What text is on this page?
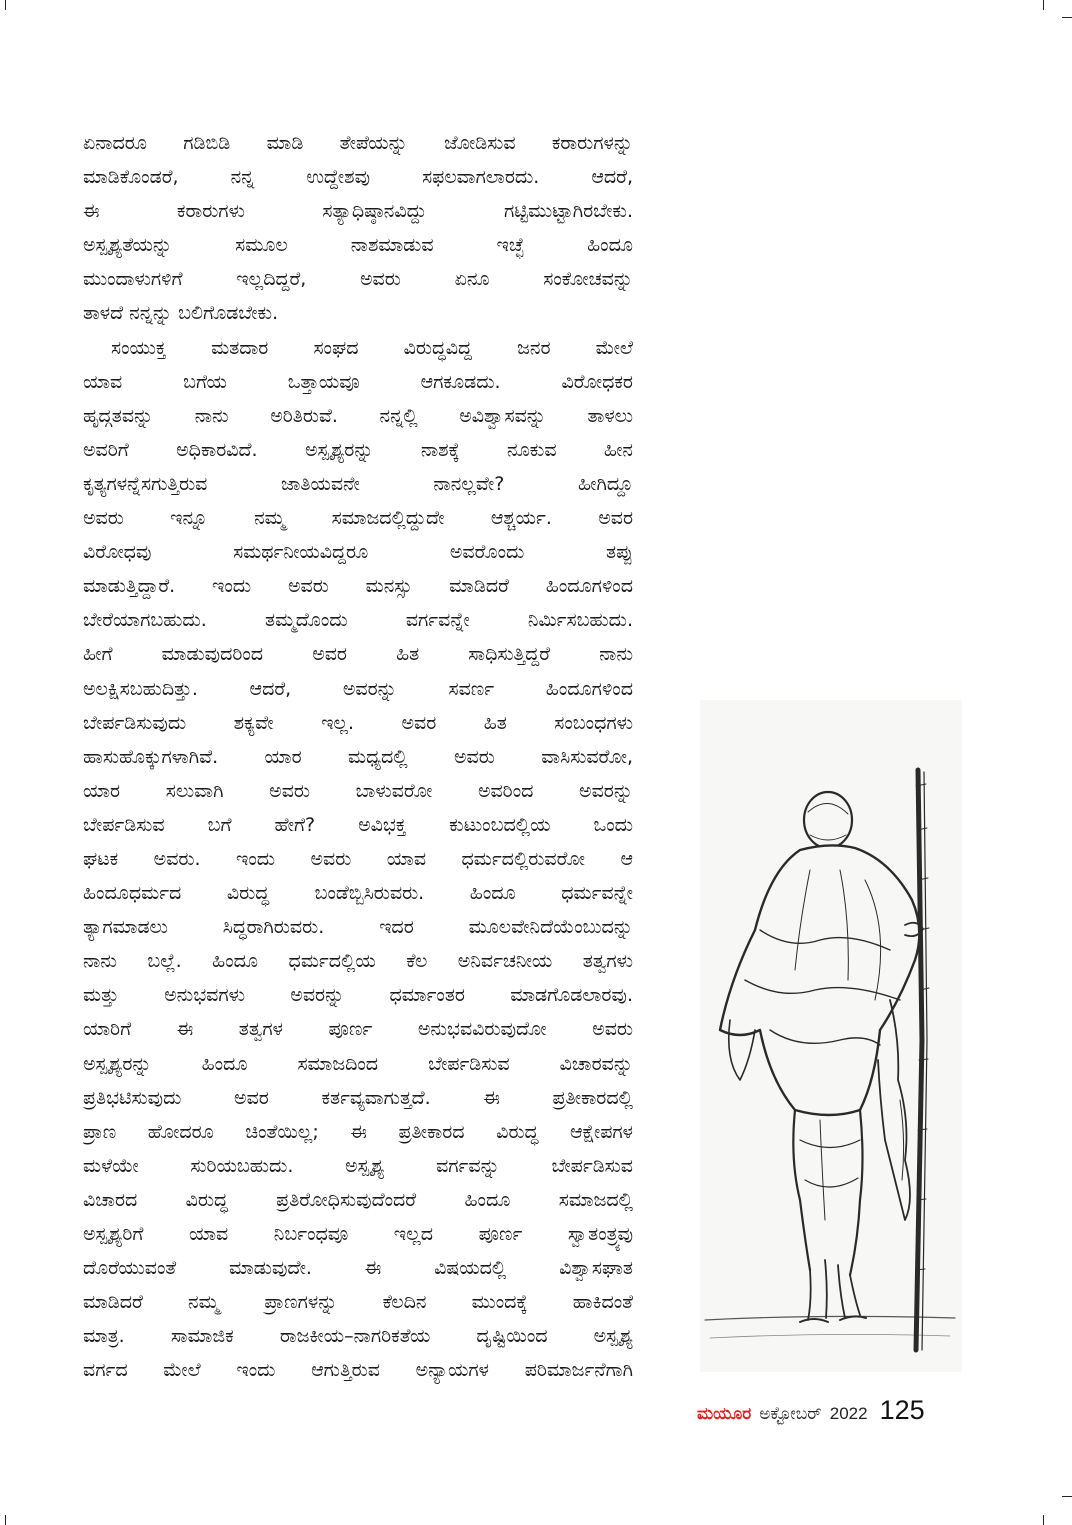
ಏನಾದರೂ ಗಡಿಬಿಡಿ ಮಾಡಿ ತೇಪೆಯನ್ನು ಜೋಡಿಸುವ ಕರಾರುಗಳನ್ನು
ಮಾಡಿಕೊಂಡರೆ, ನನ್ನ ಉದ್ದೇಶವು ಸಫಲವಾಗಲಾರದು. ಆದರೆ,
ಈ ಕರಾರುಗಳು ಸತ್ಯಾಧಿಷ್ಠಾನವಿದ್ದು ಗಟ್ಟಿಮುಟ್ಟಾಗಿರಬೇಕು.
ಅಸ್ಪೃಶ್ಯತೆಯನ್ನು ಸಮೂಲ ನಾಶಮಾಡುವ ಇಚ್ಛೆ ಹಿಂದೂ
ಮುಂದಾಳುಗಳಿಗೆ ಇಲ್ಲದಿದ್ದರೆ, ಅವರು ಏನೂ ಸಂಕೋಚವನ್ನು
ತಾಳದೆ ನನ್ನನ್ನು ಬಲಿಗೊಡಬೇಕು.
ಸಂಯುಕ್ತ ಮತದಾರ ಸಂಘದ ವಿರುದ್ಧವಿದ್ದ ಜನರ ಮೇಲೆ
ಯಾವ ಬಗೆಯ ಒತ್ತಾಯವೂ ಆಗಕೂಡದು. ವಿರೋಧಕರ
ಹೃದ್ಗತವನ್ನು ನಾನು ಅರಿತಿರುವೆ. ನನ್ನಲ್ಲಿ ಅವಿಶ್ವಾಸವನ್ನು ತಾಳಲು
ಅವರಿಗೆ ಅಧಿಕಾರವಿದೆ. ಅಸ್ಪೃಶ್ಯರನ್ನು ನಾಶಕ್ಕೆ ನೂಕುವ ಹೀನ
ಕೃತ್ಯಗಳನ್ನೆಸಗುತ್ತಿರುವ ಜಾತಿಯವನೇ ನಾನಲ್ಲವೇ? ಹೀಗಿದ್ದೂ
ಅವರು ಇನ್ನೂ ನಮ್ಮ ಸಮಾಜದಲ್ಲಿದ್ದುದೇ ಆಶ್ಚರ್ಯ. ಅವರ
ವಿರೋಧವು ಸಮರ್ಥನೀಯವಿದ್ದರೂ ಅವರೊಂದು ತಪ್ಪು
ಮಾಡುತ್ತಿದ್ದಾರೆ. ಇಂದು ಅವರು ಮನಸ್ಸು ಮಾಡಿದರೆ ಹಿಂದೂಗಳಿಂದ
ಬೇರೆಯಾಗಬಹುದು. ತಮ್ಮದೊಂದು ವರ್ಗವನ್ನೇ ನಿರ್ಮಿಸಬಹುದು.
ಹೀಗೆ ಮಾಡುವುದರಿಂದ ಅವರ ಹಿತ ಸಾಧಿಸುತ್ತಿದ್ದರೆ ನಾನು
ಅಲಕ್ಷಿಸಬಹುದಿತ್ತು. ಆದರೆ, ಅವರನ್ನು ಸವರ್ಣ ಹಿಂದೂಗಳಿಂದ
ಬೇರ್ಪಡಿಸುವುದು ಶಕ್ಯವೇ ಇಲ್ಲ. ಅವರ ಹಿತ ಸಂಬಂಧಗಳು
ಹಾಸುಹೊಕ್ಕುಗಳಾಗಿವೆ. ಯಾರ ಮಧ್ಯದಲ್ಲಿ ಅವರು ವಾಸಿಸುವರೋ,
ಯಾರ ಸಲುವಾಗಿ ಅವರು ಬಾಳುವರೋ ಅವರಿಂದ ಅವರನ್ನು
ಬೇರ್ಪಡಿಸುವ ಬಗೆ ಹೇಗೆ? ಅವಿಭಕ್ತ ಕುಟುಂಬದಲ್ಲಿಯ ಒಂದು
ಘಟಕ ಅವರು. ಇಂದು ಅವರು ಯಾವ ಧರ್ಮದಲ್ಲಿರುವರೋ ಆ
ಹಿಂದೂಧರ್ಮದ ವಿರುದ್ಧ ಬಂಡೆಬ್ಬಿಸಿರುವರು. ಹಿಂದೂ ಧರ್ಮವನ್ನೇ
ತ್ಯಾಗಮಾಡಲು ಸಿದ್ಧರಾಗಿರುವರು. ಇದರ ಮೂಲವೇನಿದೆಯೆಂಬುದನ್ನು
ನಾನು ಬಲ್ಲೆ. ಹಿಂದೂ ಧರ್ಮದಲ್ಲಿಯ ಕೆಲ ಅನಿರ್ವಚನೀಯ ತತ್ವಗಳು
ಮತ್ತು ಅನುಭವಗಳು ಅವರನ್ನು ಧರ್ಮಾಂತರ ಮಾಡಗೊಡಲಾರವು.
ಯಾರಿಗೆ ಈ ತತ್ವಗಳ ಪೂರ್ಣ ಅನುಭವವಿರುವುದೋ ಅವರು
ಅಸ್ಪೃಶ್ಯರನ್ನು ಹಿಂದೂ ಸಮಾಜದಿಂದ ಬೇರ್ಪಡಿಸುವ ವಿಚಾರವನ್ನು
ಪ್ರತಿಭಟಿಸುವುದು ಅವರ ಕರ್ತವ್ಯವಾಗುತ್ತದೆ. ಈ ಪ್ರತೀಕಾರದಲ್ಲಿ
ಪ್ರಾಣ ಹೋದರೂ ಚಿಂತೆಯಿಲ್ಲ; ಈ ಪ್ರತೀಕಾರದ ವಿರುದ್ಧ ಆಕ್ಷೇಪಗಳ
ಮಳೆಯೇ ಸುರಿಯಬಹುದು. ಅಸ್ಪೃಶ್ಯ ವರ್ಗವನ್ನು ಬೇರ್ಪಡಿಸುವ
ವಿಚಾರದ ವಿರುದ್ಧ ಪ್ರತಿರೋಧಿಸುವುದೆಂದರೆ ಹಿಂದೂ ಸಮಾಜದಲ್ಲಿ
ಅಸ್ಪೃಶ್ಯರಿಗೆ ಯಾವ ನಿರ್ಬಂಧವೂ ಇಲ್ಲದ ಪೂರ್ಣ ಸ್ವಾತಂತ್ರ್ಯವು
ದೊರೆಯುವಂತೆ ಮಾಡುವುದೇ. ಈ ವಿಷಯದಲ್ಲಿ ವಿಶ್ವಾಸಘಾತ
ಮಾಡಿದರೆ ನಮ್ಮ ಪ್ರಾಣಗಳನ್ನು ಕೆಲದಿನ ಮುಂದಕ್ಕೆ ಹಾಕಿದಂತೆ
ಮಾತ್ರ. ಸಾಮಾಜಿಕ ರಾಜಕೀಯ–ನಾಗರಿಕತೆಯ ದೃಷ್ಟಿಯಿಂದ ಅಸ್ಪೃಶ್ಯ
ವರ್ಗದ ಮೇಲೆ ಇಂದು ಆಗುತ್ತಿರುವ ಅನ್ಯಾಯಗಳ ಪರಿಮಾರ್ಜನೆಗಾಗಿ
ಮಯೂರ ಅಕ್ಟೋಬರ್ 2022 125
